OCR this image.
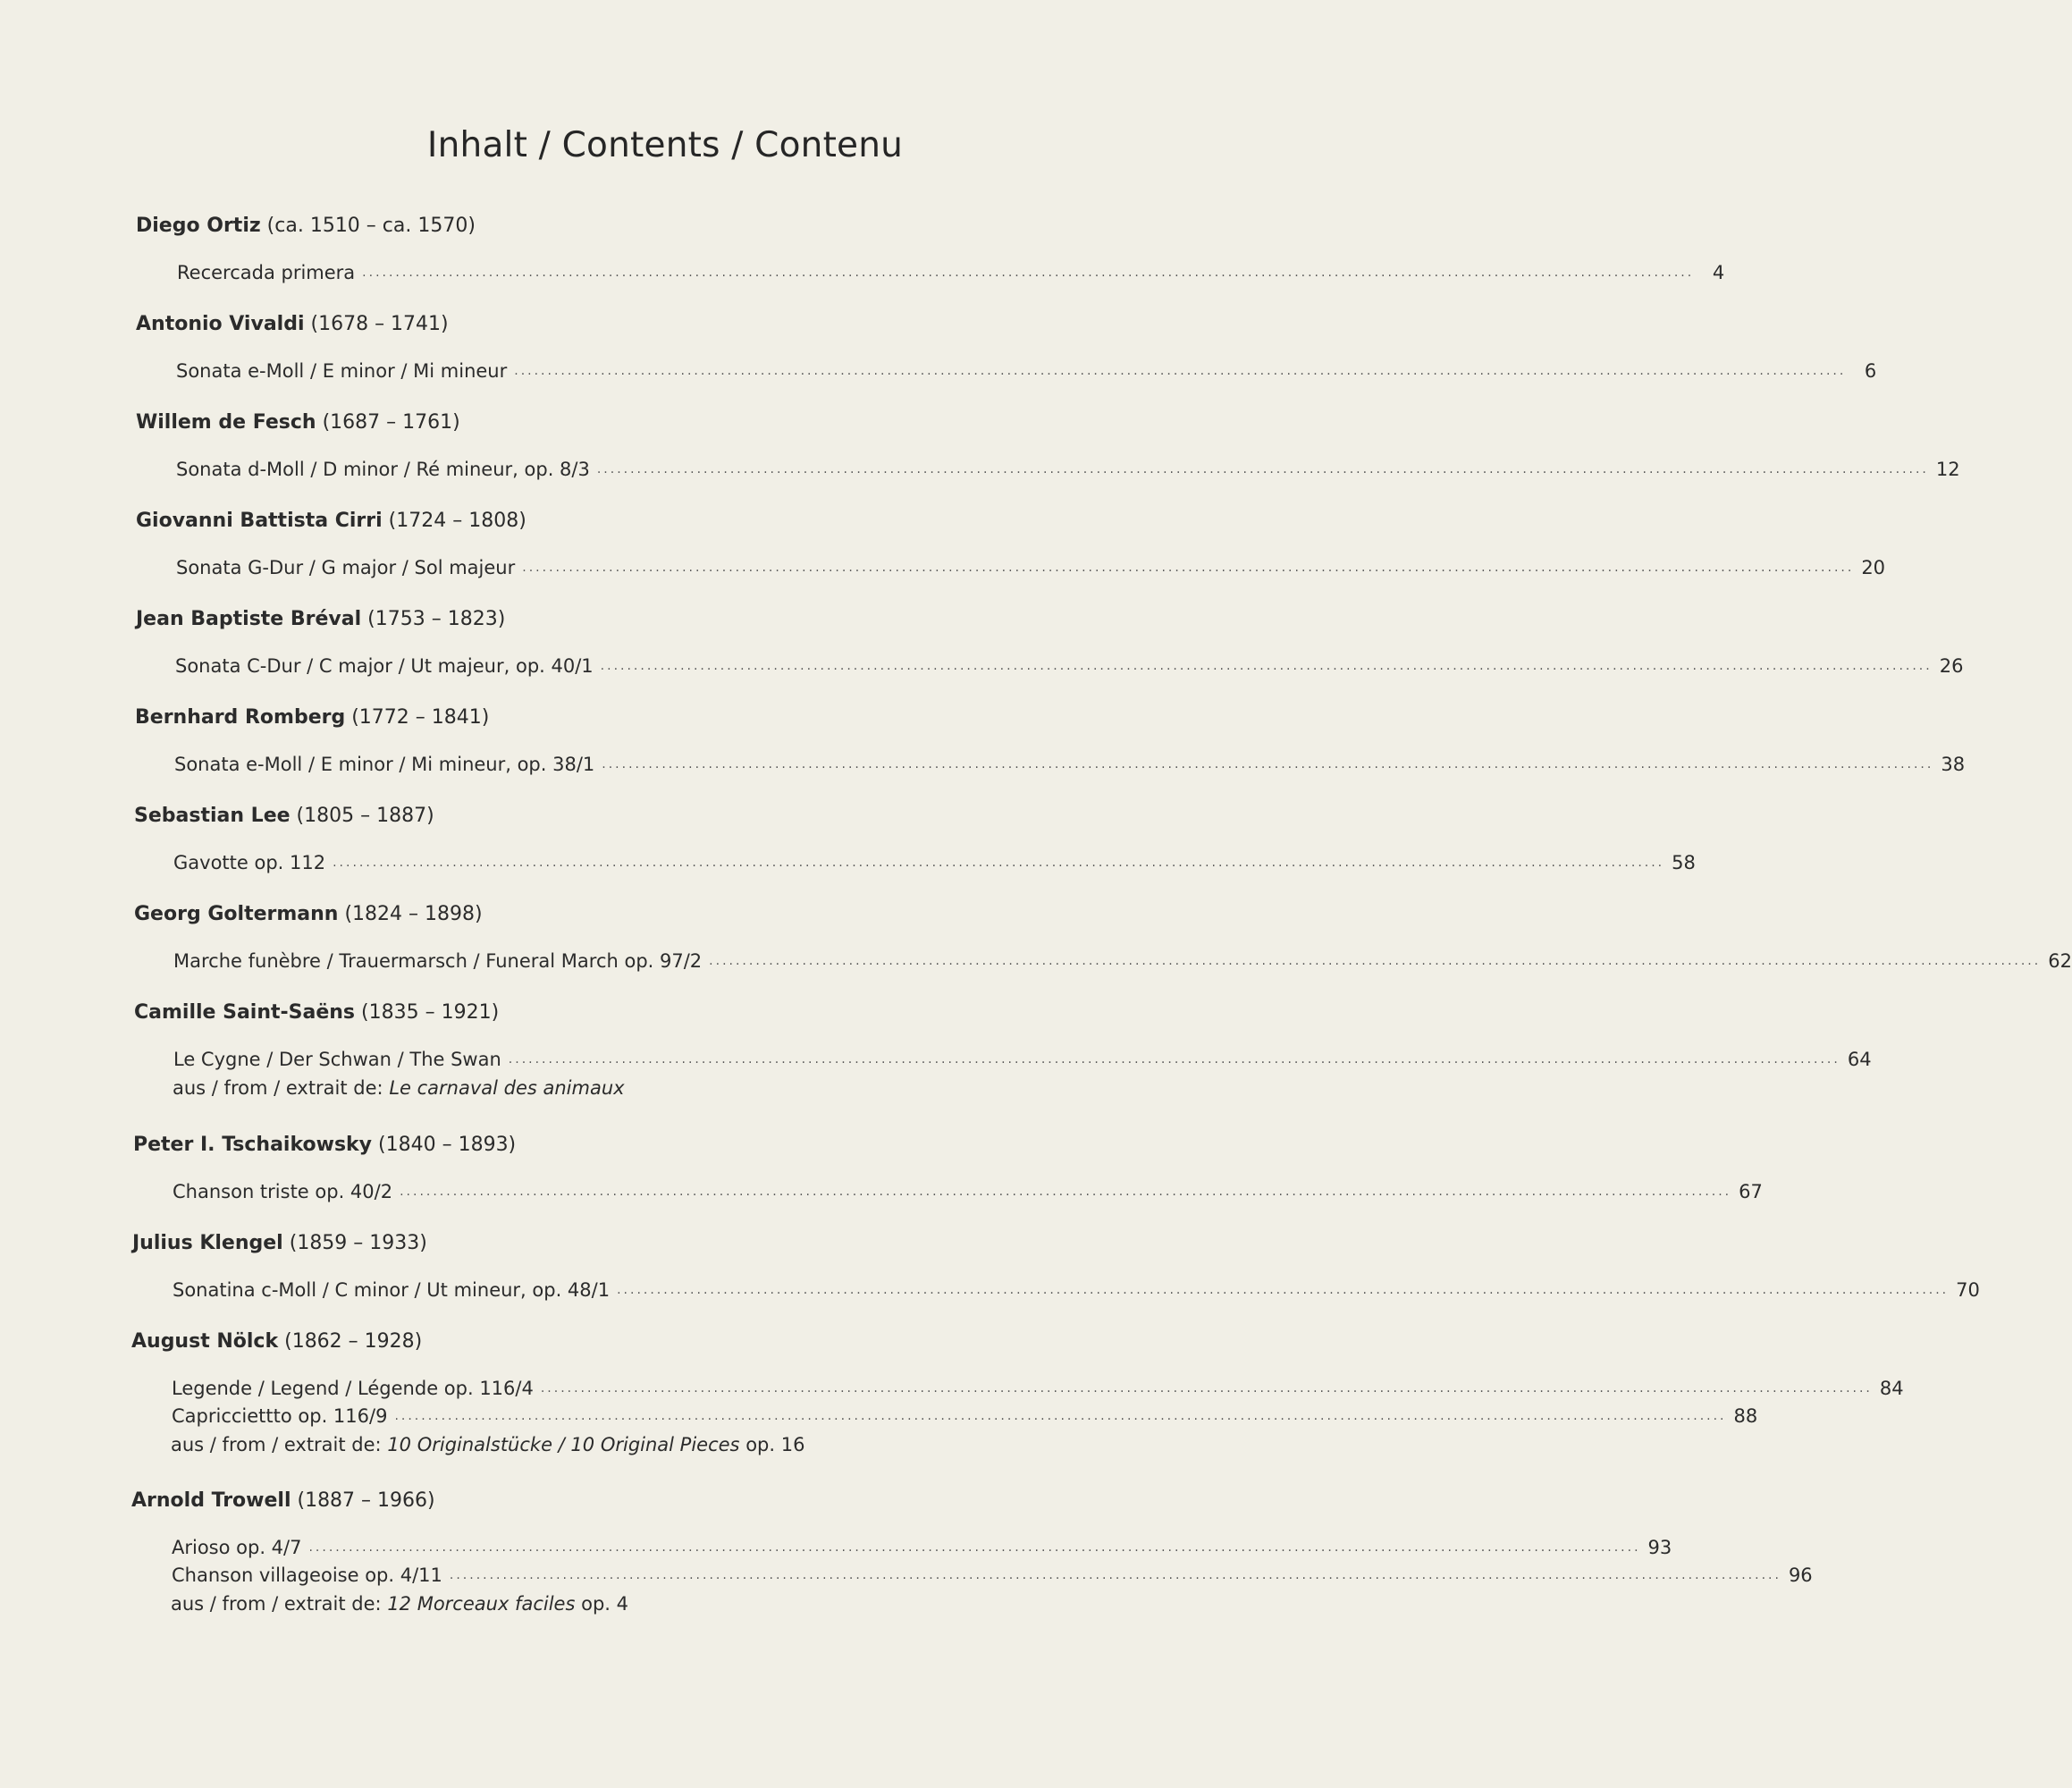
Inhalt / Contents / Contenu
Diego Ortiz (ca. 1510 – ca. 1570)
Recercada primera ........................................................................................................................................................................................................ 4
Antonio Vivaldi (1678 – 1741)
Sonata e-Moll / E minor / Mi mineur ........................................................................................................................................................................................................ 6
Willem de Fesch (1687 – 1761)
Sonata d-Moll / D minor / Ré mineur, op. 8/3 ........................................................................................................................................................................................................ 12
Giovanni Battista Cirri (1724 – 1808)
Sonata G-Dur / G major / Sol majeur ........................................................................................................................................................................................................ 20
Jean Baptiste Bréval (1753 – 1823)
Sonata C-Dur / C major / Ut majeur, op. 40/1 ........................................................................................................................................................................................................ 26
Bernhard Romberg (1772 – 1841)
Sonata e-Moll / E minor / Mi mineur, op. 38/1 ........................................................................................................................................................................................................ 38
Sebastian Lee (1805 – 1887)
Gavotte op. 112 ........................................................................................................................................................................................................ 58
Georg Goltermann (1824 – 1898)
Marche funèbre / Trauermarsch / Funeral March op. 97/2 ........................................................................................................................................................................................................ 62
Camille Saint-Saëns (1835 – 1921)
Le Cygne / Der Schwan / The Swan ........................................................................................................................................................................................................ 64
aus / from / extrait de: Le carnaval des animaux
Peter I. Tschaikowsky (1840 – 1893)
Chanson triste op. 40/2 ........................................................................................................................................................................................................ 67
Julius Klengel (1859 – 1933)
Sonatina c-Moll / C minor / Ut mineur, op. 48/1 ........................................................................................................................................................................................................ 70
August Nölck (1862 – 1928)
Legende / Legend / Légende op. 116/4 ........................................................................................................................................................................................................ 84
Capricciettto op. 116/9 ........................................................................................................................................................................................................ 88
aus / from / extrait de: 10 Originalstücke / 10 Original Pieces op. 16
Arnold Trowell (1887 – 1966)
Arioso op. 4/7 ........................................................................................................................................................................................................ 93
Chanson villageoise op. 4/11 ........................................................................................................................................................................................................ 96
aus / from / extrait de: 12 Morceaux faciles op. 4
